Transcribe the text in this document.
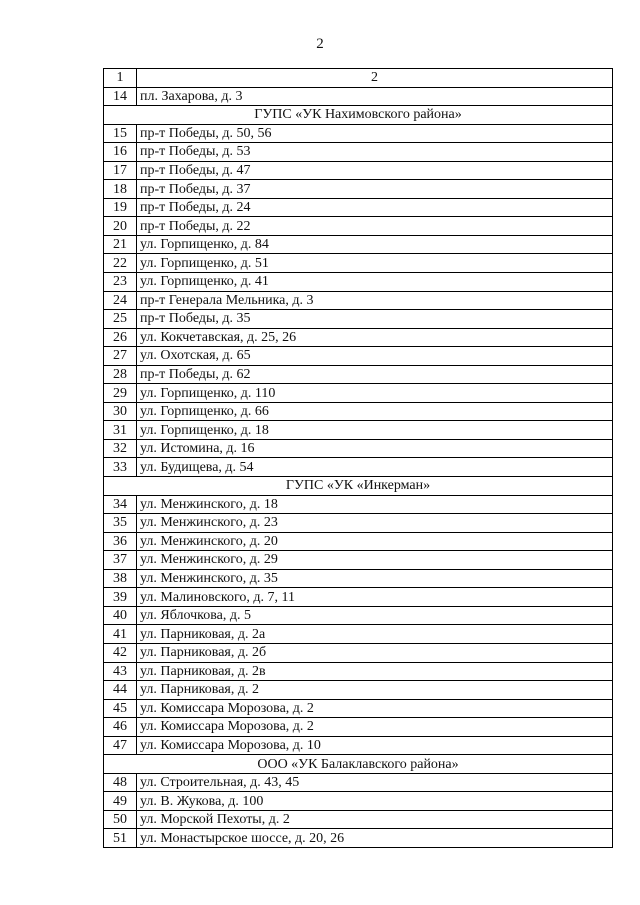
2
1	2
14	пл. Захарова, д. 3
ГУПС «УК Нахимовского района»	
15	пр-т Победы, д. 50, 56
16	пр-т Победы, д. 53
17	пр-т Победы, д. 47
18	пр-т Победы, д. 37
19	пр-т Победы, д. 24
20	пр-т Победы, д. 22
21	ул. Горпищенко, д. 84
22	ул. Горпищенко, д. 51
23	ул. Горпищенко, д. 41
24	пр-т Генерала Мельника, д. 3
25	пр-т Победы, д. 35
26	ул. Кокчетавская, д. 25, 26
27	ул. Охотская, д. 65
28	пр-т Победы, д. 62
29	ул. Горпищенко, д. 110
30	ул. Горпищенко, д. 66
31	ул. Горпищенко, д. 18
32	ул. Истомина, д. 16
33	ул. Будищева, д. 54
ГУПС «УК «Инкерман»	
34	ул. Менжинского, д. 18
35	ул. Менжинского, д. 23
36	ул. Менжинского, д. 20
37	ул. Менжинского, д. 29
38	ул. Менжинского, д. 35
39	ул. Малиновского, д. 7, 11
40	ул. Яблочкова, д. 5
41	ул. Парниковая, д. 2а
42	ул. Парниковая, д. 2б
43	ул. Парниковая, д. 2в
44	ул. Парниковая, д. 2
45	ул. Комиссара Морозова, д. 2
46	ул. Комиссара Морозова, д. 2
47	ул. Комиссара Морозова, д. 10
ООО «УК Балаклавского района»	
48	ул. Строительная, д. 43, 45
49	ул. В. Жукова, д. 100
50	ул. Морской Пехоты, д. 2
51	ул. Монастырское шоссе, д. 20, 26
